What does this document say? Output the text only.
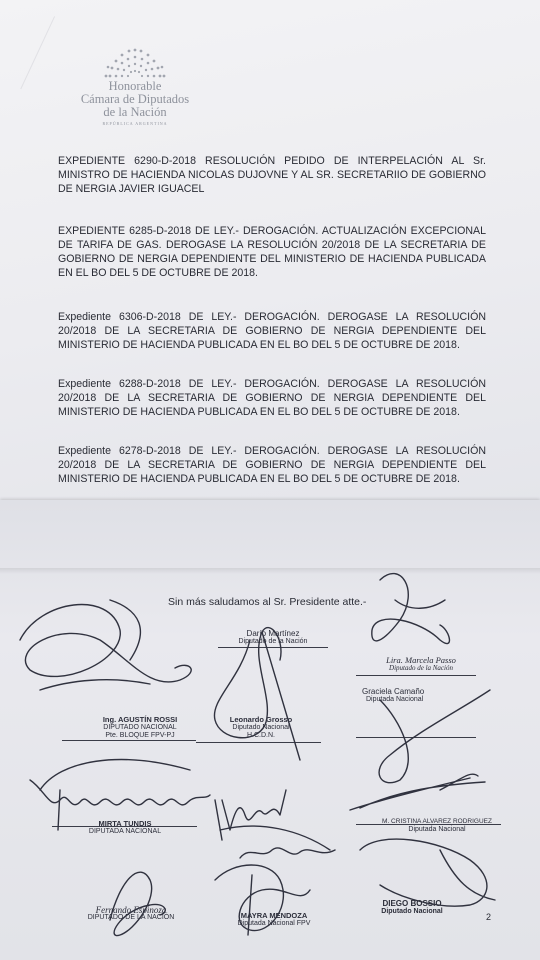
Honorable
Cámara de Diputados
de la Nación
REPÚBLICA ARGENTINA
EXPEDIENTE 6290-D-2018 RESOLUCIÓN PEDIDO DE INTERPELACIÓN AL Sr. MINISTRO DE HACIENDA NICOLAS DUJOVNE Y AL SR. SECRETARIIO DE GOBIERNO DE NERGIA JAVIER IGUACEL
EXPEDIENTE 6285-D-2018 DE LEY.- DEROGACIÓN. ACTUALIZACIÓN EXCEPCIONAL DE TARIFA DE GAS. DEROGASE LA RESOLUCIÓN 20/2018 DE LA SECRETARIA DE GOBIERNO DE NERGIA DEPENDIENTE DEL MINISTERIO DE HACIENDA PUBLICADA EN EL BO DEL 5 DE OCTUBRE DE 2018.
Expediente 6306-D-2018 DE LEY.- DEROGACIÓN. DEROGASE LA RESOLUCIÓN 20/2018 DE LA SECRETARIA DE GOBIERNO DE NERGIA DEPENDIENTE DEL MINISTERIO DE HACIENDA PUBLICADA EN EL BO DEL 5 DE OCTUBRE DE 2018.
Expediente 6288-D-2018 DE LEY.- DEROGACIÓN. DEROGASE LA RESOLUCIÓN 20/2018 DE LA SECRETARIA DE GOBIERNO DE NERGIA DEPENDIENTE DEL MINISTERIO DE HACIENDA PUBLICADA EN EL BO DEL 5 DE OCTUBRE DE 2018.
Expediente 6278-D-2018 DE LEY.- DEROGACIÓN. DEROGASE LA RESOLUCIÓN 20/2018 DE LA SECRETARIA DE GOBIERNO DE NERGIA DEPENDIENTE DEL MINISTERIO DE HACIENDA PUBLICADA EN EL BO DEL 5 DE OCTUBRE DE 2018.
Sin más saludamos al Sr. Presidente atte.-
Darío Martínez
Diputado de la Nación
Lira. Marcela Passo
Diputado de la Nación
Graciela Camaño
Diputada Nacional
Ing. AGUSTÍN ROSSI
DIPUTADO NACIONAL
Pte. BLOQUE FPV-PJ
Leonardo Grosso
Diputado Nacional
H.C.D.N.
MIRTA TUNDIS
DIPUTADA NACIONAL
M. CRISTINA ALVAREZ RODRIGUEZ
Diputada Nacional
Fernando Espinoza
DIPUTADO DE LA NACIÓN	MAYRA MENDOZA
Diputada Nacional FPV
DIEGO BOSSIO
Diputado Nacional
2
